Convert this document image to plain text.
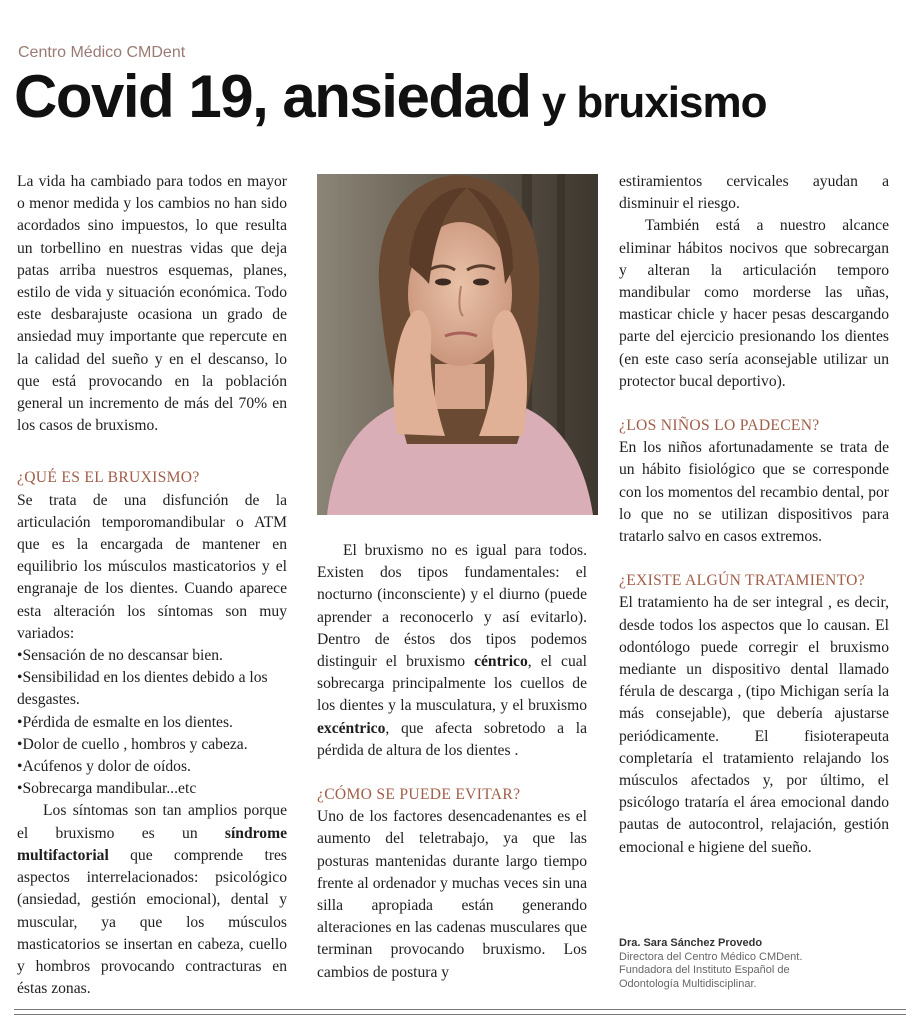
Centro Médico CMDent
Covid 19, ansiedad y bruxismo

La vida ha cambiado para todos en mayor o menor medida y los cambios no han sido acordados sino impuestos, lo que resulta un torbellino en nuestras vidas que deja patas arriba nuestros esquemas, planes, estilo de vida y situación económica. Todo este desbarajuste ocasiona un grado de ansiedad muy importante que repercute en la calidad del sueño y en el descanso, lo que está provocando en la población general un incremento de más del 70% en los casos de bruxismo.

¿QUÉ ES EL BRUXISMO?

Se trata de una disfunción de la articulación temporomandibular o ATM que es la encargada de mantener en equilibrio los músculos masticatorios y el engranaje de los dientes. Cuando aparece esta alteración los síntomas son muy variados:

•Sensación de no descansar bien.

•Sensibilidad en los dientes debido a los desgastes.

•Pérdida de esmalte en los dientes.

•Dolor de cuello , hombros y cabeza.

•Acúfenos y dolor de oídos.

•Sobrecarga mandibular...etc

Los síntomas son tan amplios porque el bruxismo es un síndrome multifactorial que comprende tres aspectos interrelacionados: psicológico (ansiedad, gestión emocional), dental y muscular, ya que los músculos masticatorios se insertan en cabeza, cuello y hombros provocando contracturas en éstas zonas.

El bruxismo no es igual para todos. Existen dos tipos fundamentales: el nocturno (inconsciente) y el diurno (puede aprender a reconocerlo y así evitarlo). Dentro de éstos dos tipos podemos distinguir el bruxismo céntrico, el cual sobrecarga principalmente los cuellos de los dientes y la musculatura, y el bruxismo excéntrico, que afecta sobretodo a la pérdida de altura de los dientes .

¿CÓMO SE PUEDE EVITAR?

Uno de los factores desencadenantes es el aumento del teletrabajo, ya que las posturas mantenidas durante largo tiempo frente al ordenador y muchas veces sin una silla apropiada están generando alteraciones en las cadenas musculares que terminan provocando bruxismo. Los cambios de postura y

estiramientos cervicales ayudan a disminuir el riesgo.

También está a nuestro alcance eliminar hábitos nocivos que sobrecargan y alteran la articulación temporo mandibular como morderse las uñas, masticar chicle y hacer pesas descargando parte del ejercicio presionando los dientes (en este caso sería aconsejable utilizar un protector bucal deportivo).

¿LOS NIÑOS LO PADECEN?

En los niños afortunadamente se trata de un hábito fisiológico que se corresponde con los momentos del recambio dental, por lo que no se utilizan dispositivos para tratarlo salvo en casos extremos.

¿EXISTE ALGÚN TRATAMIENTO?

El tratamiento ha de ser integral , es decir, desde todos los aspectos que lo causan. El odontólogo puede corregir el bruxismo mediante un dispositivo dental llamado férula de descarga , (tipo Michigan sería la más consejable), que debería ajustarse periódicamente. El fisioterapeuta completaría el tratamiento relajando los músculos afectados y, por último, el psicólogo trataría el área emocional dando pautas de autocontrol, relajación, gestión emocional e higiene del sueño.

Dra. Sara Sánchez Provedo
Directora del Centro Médico CMDent.
Fundadora del Instituto Español de
Odontología Multidisciplinar.
